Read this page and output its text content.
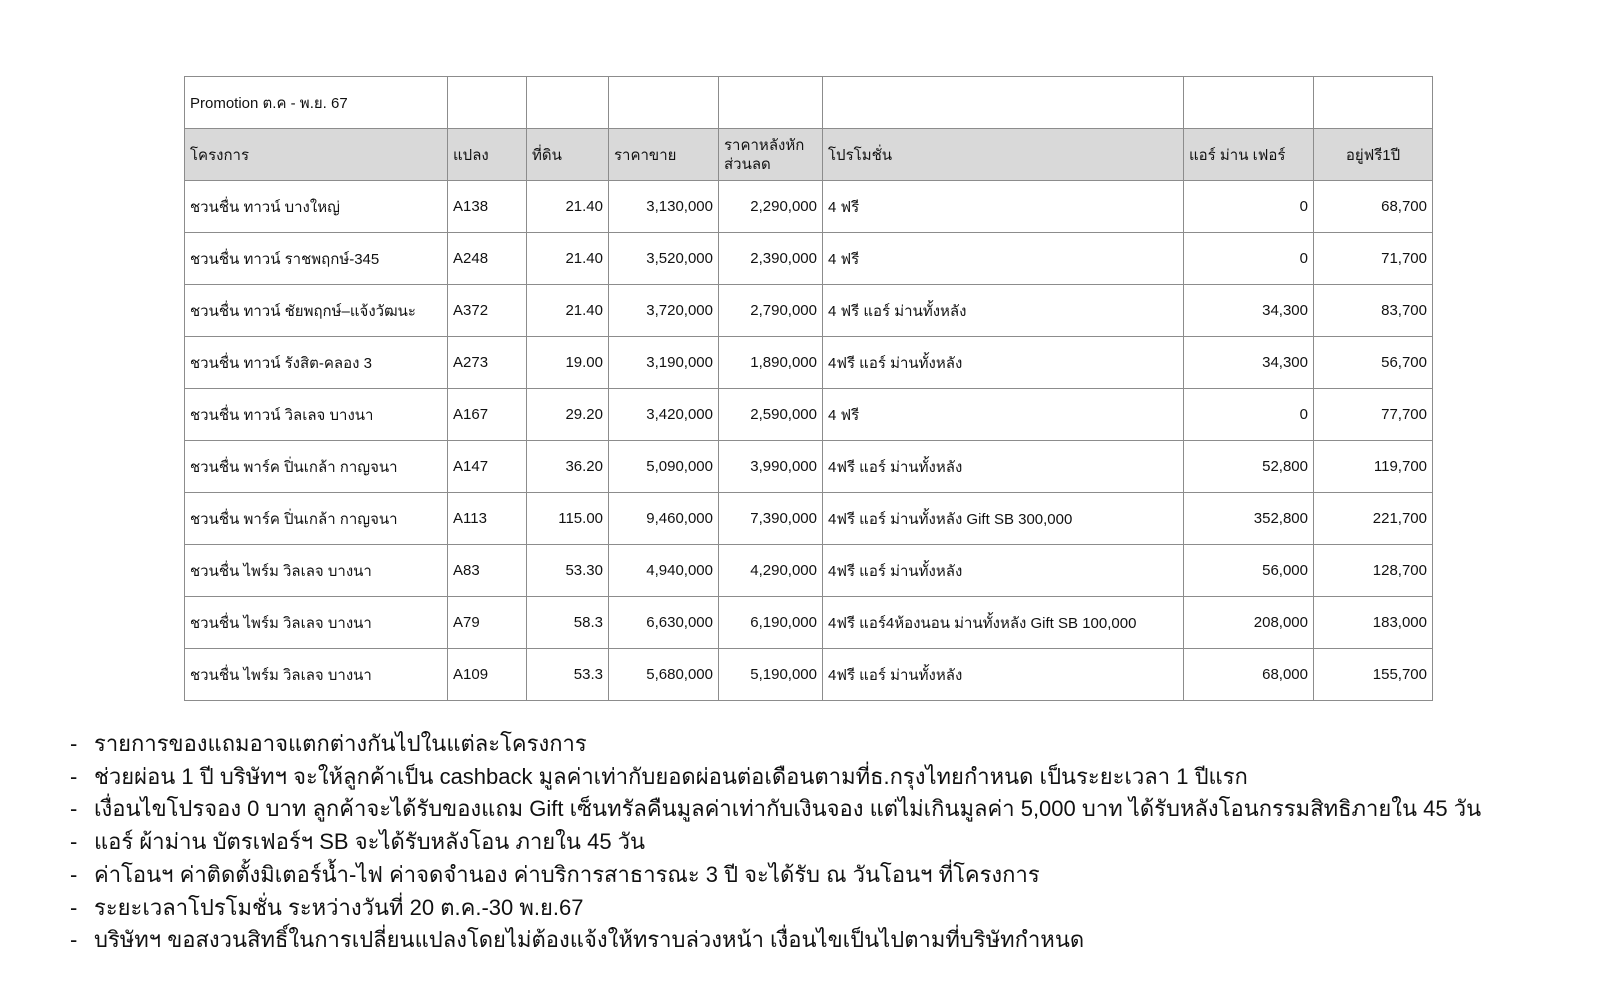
Promotion ต.ค - พ.ย. 67							
โครงการ	แปลง	ที่ดิน	ราคาขาย	ราคาหลังหัก ส่วนลด	โปรโมชั่น	แอร์ ม่าน เฟอร์	อยู่ฟรี1ปี
ชวนชื่น ทาวน์ บางใหญ่	A138	21.40	3,130,000	2,290,000	4 ฟรี	0	68,700
ชวนชื่น ทาวน์ ราชพฤกษ์-345	A248	21.40	3,520,000	2,390,000	4 ฟรี	0	71,700
ชวนชื่น ทาวน์ ชัยพฤกษ์–แจ้งวัฒนะ	A372	21.40	3,720,000	2,790,000	4 ฟรี แอร์ ม่านทั้งหลัง	34,300	83,700
ชวนชื่น ทาวน์ รังสิต-คลอง 3	A273	19.00	3,190,000	1,890,000	4ฟรี แอร์ ม่านทั้งหลัง	34,300	56,700
ชวนชื่น ทาวน์ วิลเลจ บางนา	A167	29.20	3,420,000	2,590,000	4 ฟรี	0	77,700
ชวนชื่น พาร์ค ปิ่นเกล้า กาญจนา	A147	36.20	5,090,000	3,990,000	4ฟรี แอร์ ม่านทั้งหลัง	52,800	119,700
ชวนชื่น พาร์ค ปิ่นเกล้า กาญจนา	A113	115.00	9,460,000	7,390,000	4ฟรี แอร์ ม่านทั้งหลัง Gift SB 300,000	352,800	221,700
ชวนชื่น ไพร์ม วิลเลจ บางนา	A83	53.30	4,940,000	4,290,000	4ฟรี แอร์ ม่านทั้งหลัง	56,000	128,700
ชวนชื่น ไพร์ม วิลเลจ บางนา	A79	58.3	6,630,000	6,190,000	4ฟรี แอร์4ห้องนอน ม่านทั้งหลัง Gift SB 100,000	208,000	183,000
ชวนชื่น ไพร์ม วิลเลจ บางนา	A109	53.3	5,680,000	5,190,000	4ฟรี แอร์ ม่านทั้งหลัง	68,000	155,700
- รายการของแถมอาจแตกต่างกันไปในแต่ละโครงการ
- ช่วยผ่อน 1 ปี บริษัทฯ จะให้ลูกค้าเป็น cashback มูลค่าเท่ากับยอดผ่อนต่อเดือนตามที่ธ.กรุงไทยกำหนด เป็นระยะเวลา 1 ปีแรก
- เงื่อนไขโปรจอง 0 บาท ลูกค้าจะได้รับของแถม Gift เซ็นทรัลคืนมูลค่าเท่ากับเงินจอง แต่ไม่เกินมูลค่า 5,000 บาท ได้รับหลังโอนกรรมสิทธิภายใน 45 วัน
- แอร์ ผ้าม่าน บัตรเฟอร์ฯ SB จะได้รับหลังโอน ภายใน 45 วัน
- ค่าโอนฯ ค่าติดตั้งมิเตอร์น้ำ-ไฟ ค่าจดจำนอง ค่าบริการสาธารณะ 3 ปี จะได้รับ ณ วันโอนฯ ที่โครงการ
- ระยะเวลาโปรโมชั่น ระหว่างวันที่ 20 ต.ค.-30 พ.ย.67
- บริษัทฯ ขอสงวนสิทธิ์ในการเปลี่ยนแปลงโดยไม่ต้องแจ้งให้ทราบล่วงหน้า เงื่อนไขเป็นไปตามที่บริษัทกำหนด
